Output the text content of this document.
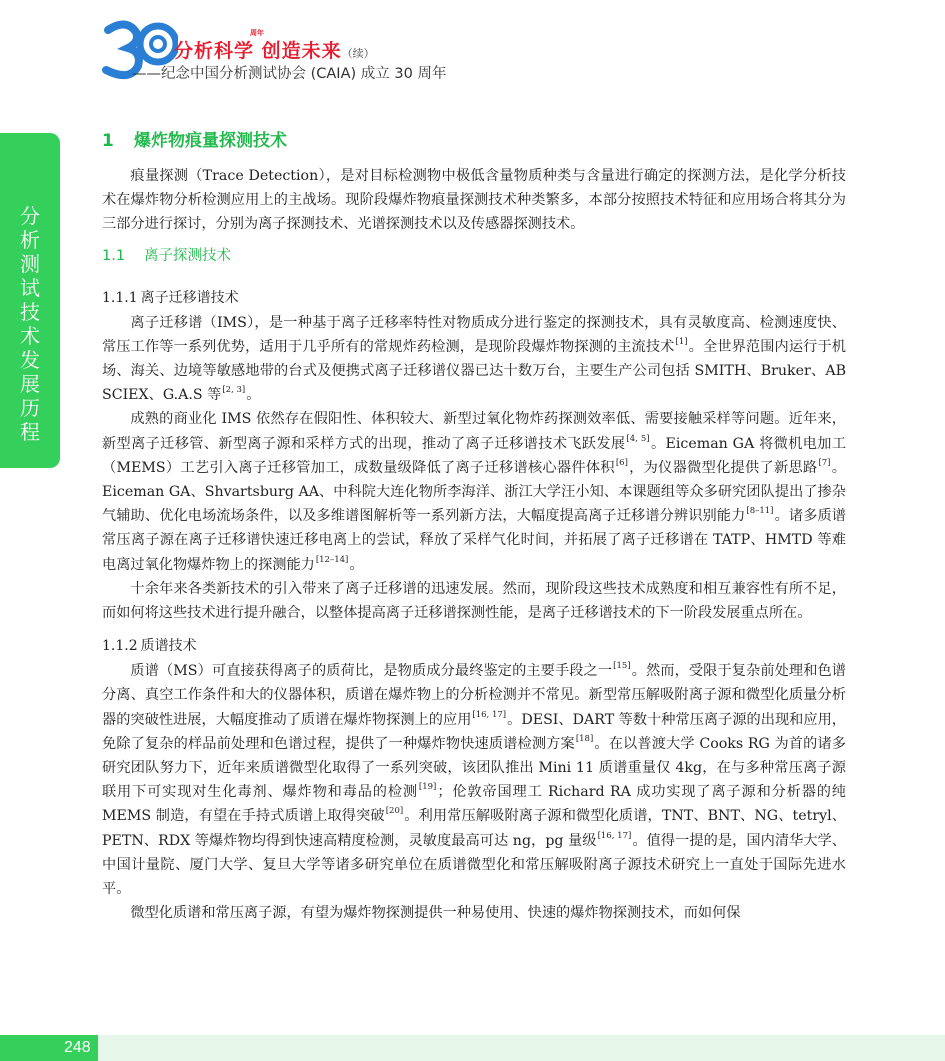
周年
分析科学 创造未来（续）
——纪念中国分析测试协会 (CAIA) 成立 30 周年
分析测试技术发展历程
1 爆炸物痕量探测技术

痕量探测（Trace Detection），是对目标检测物中极低含量物质种类与含量进行确定的探测方法，是化学分析技术在爆炸物分析检测应用上的主战场。现阶段爆炸物痕量探测技术种类繁多，本部分按照技术特征和应用场合将其分为三部分进行探讨，分别为离子探测技术、光谱探测技术以及传感器探测技术。

1.1 离子探测技术
1.1.1 离子迁移谱技术

离子迁移谱（IMS），是一种基于离子迁移率特性对物质成分进行鉴定的探测技术，具有灵敏度高、检测速度快、常压工作等一系列优势，适用于几乎所有的常规炸药检测，是现阶段爆炸物探测的主流技术[1]。全世界范围内运行于机场、海关、边境等敏感地带的台式及便携式离子迁移谱仪器已达十数万台，主要生产公司包括 SMITH、Bruker、AB SCIEX、G.A.S 等[2, 3]。

成熟的商业化 IMS 依然存在假阳性、体积较大、新型过氧化物炸药探测效率低、需要接触采样等问题。近年来，新型离子迁移管、新型离子源和采样方式的出现，推动了离子迁移谱技术飞跃发展[4, 5]。Eiceman GA 将微机电加工（MEMS）工艺引入离子迁移管加工，成数量级降低了离子迁移谱核心器件体积[6]，为仪器微型化提供了新思路[7]。Eiceman GA、Shvartsburg AA、中科院大连化物所李海洋、浙江大学汪小知、本课题组等众多研究团队提出了掺杂气辅助、优化电场流场条件，以及多维谱图解析等一系列新方法，大幅度提高离子迁移谱分辨识别能力[8–11]。诸多质谱常压离子源在离子迁移谱快速迁移电离上的尝试，释放了采样气化时间，并拓展了离子迁移谱在 TATP、HMTD 等难电离过氧化物爆炸物上的探测能力[12–14]。

十余年来各类新技术的引入带来了离子迁移谱的迅速发展。然而，现阶段这些技术成熟度和相互兼容性有所不足，而如何将这些技术进行提升融合，以整体提高离子迁移谱探测性能，是离子迁移谱技术的下一阶段发展重点所在。

1.1.2 质谱技术

质谱（MS）可直接获得离子的质荷比，是物质成分最终鉴定的主要手段之一[15]。然而，受限于复杂前处理和色谱分离、真空工作条件和大的仪器体积，质谱在爆炸物上的分析检测并不常见。新型常压解吸附离子源和微型化质量分析器的突破性进展，大幅度推动了质谱在爆炸物探测上的应用[16, 17]。DESI、DART 等数十种常压离子源的出现和应用，免除了复杂的样品前处理和色谱过程，提供了一种爆炸物快速质谱检测方案[18]。在以普渡大学 Cooks RG 为首的诸多研究团队努力下，近年来质谱微型化取得了一系列突破，该团队推出 Mini 11 质谱重量仅 4kg，在与多种常压离子源联用下可实现对生化毒剂、爆炸物和毒品的检测[19]；伦敦帝国理工 Richard RA 成功实现了离子源和分析器的纯 MEMS 制造，有望在手持式质谱上取得突破[20]。利用常压解吸附离子源和微型化质谱，TNT、BNT、NG、tetryl、PETN、RDX 等爆炸物均得到快速高精度检测，灵敏度最高可达 ng，pg 量级[16, 17]。值得一提的是，国内清华大学、中国计量院、厦门大学、复旦大学等诸多研究单位在质谱微型化和常压解吸附离子源技术研究上一直处于国际先进水平。

微型化质谱和常压离子源，有望为爆炸物探测提供一种易使用、快速的爆炸物探测技术，而如何保

248
